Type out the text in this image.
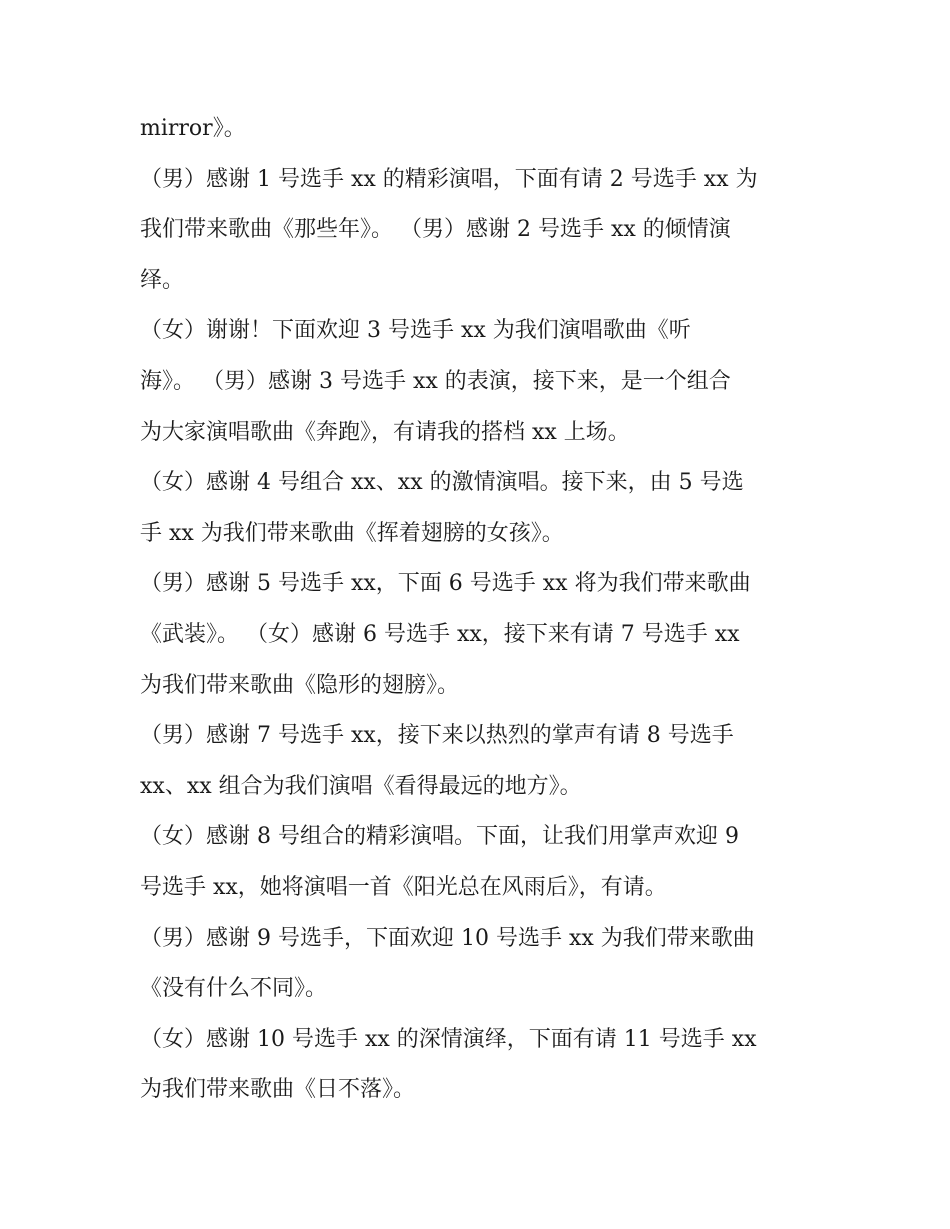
mirror》。
（男）感谢 1 号选手 xx 的精彩演唱，下面有请 2 号选手 xx 为
我们带来歌曲《那些年》。 （男）感谢 2 号选手 xx 的倾情演
绎。
（女）谢谢！下面欢迎 3 号选手 xx 为我们演唱歌曲《听
海》。 （男）感谢 3 号选手 xx 的表演，接下来，是一个组合
为大家演唱歌曲《奔跑》，有请我的搭档 xx 上场。
（女）感谢 4 号组合 xx、xx 的激情演唱。接下来，由 5 号选
手 xx 为我们带来歌曲《挥着翅膀的女孩》。
（男）感谢 5 号选手 xx，下面 6 号选手 xx 将为我们带来歌曲
《武装》。 （女）感谢 6 号选手 xx，接下来有请 7 号选手 xx
为我们带来歌曲《隐形的翅膀》。
（男）感谢 7 号选手 xx，接下来以热烈的掌声有请 8 号选手
xx、xx 组合为我们演唱《看得最远的地方》。
（女）感谢 8 号组合的精彩演唱。下面，让我们用掌声欢迎 9
号选手 xx，她将演唱一首《阳光总在风雨后》，有请。
（男）感谢 9 号选手，下面欢迎 10 号选手 xx 为我们带来歌曲
《没有什么不同》。
（女）感谢 10 号选手 xx 的深情演绎，下面有请 11 号选手 xx
为我们带来歌曲《日不落》。
